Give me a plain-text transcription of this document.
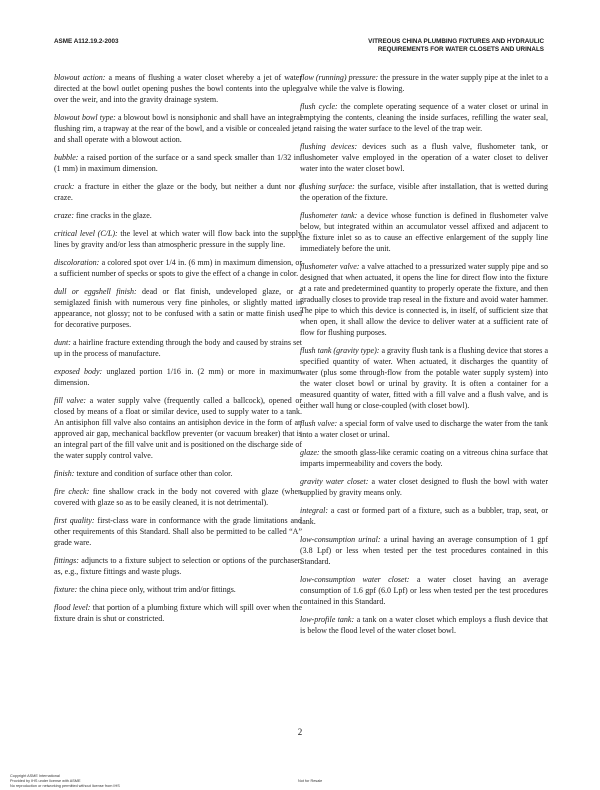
ASME A112.19.2-2003	VITREOUS CHINA PLUMBING FIXTURES AND HYDRAULIC
REQUIREMENTS FOR WATER CLOSETS AND URINALS

blowout action: a means of flushing a water closet whereby a jet of water directed at the bowl outlet opening pushes the bowl contents into the upleg, over the weir, and into the gravity drainage system.

blowout bowl type: a blowout bowl is nonsiphonic and shall have an integral flushing rim, a trapway at the rear of the bowl, and a visible or concealed jet, and shall operate with a blowout action.

bubble: a raised portion of the surface or a sand speck smaller than 1/32 in. (1 mm) in maximum dimension.

crack: a fracture in either the glaze or the body, but neither a dunt nor a craze.

craze: fine cracks in the glaze.

critical level (C/L): the level at which water will flow back into the supply lines by gravity and/or less than atmospheric pressure in the supply line.

discoloration: a colored spot over 1/4 in. (6 mm) in maximum dimension, or a sufficient number of specks or spots to give the effect of a change in color.

dull or eggshell finish: dead or flat finish, undeveloped glaze, or a semiglazed finish with numerous very fine pinholes, or slightly matted in appearance, not glossy; not to be confused with a satin or matte finish used for decorative purposes.

dunt: a hairline fracture extending through the body and caused by strains set up in the process of manufacture.

exposed body: unglazed portion 1/16 in. (2 mm) or more in maximum dimension.

fill valve: a water supply valve (frequently called a ballcock), opened or closed by means of a float or similar device, used to supply water to a tank. An antisiphon fill valve also contains an antisiphon device in the form of an approved air gap, mechanical backflow preventer (or vacuum breaker) that is an integral part of the fill valve unit and is positioned on the discharge side of the water supply control valve.

finish: texture and condition of surface other than color.

fire check: fine shallow crack in the body not covered with glaze (when covered with glaze so as to be easily cleaned, it is not detrimental).

first quality: first-class ware in conformance with the grade limitations and other requirements of this Standard. Shall also be permitted to be called “A” grade ware.

fittings: adjuncts to a fixture subject to selection or options of the purchaser, as, e.g., fixture fittings and waste plugs.

fixture: the china piece only, without trim and/or fittings.

flood level: that portion of a plumbing fixture which will spill over when the fixture drain is shut or constricted.

flow (running) pressure: the pressure in the water supply pipe at the inlet to a valve while the valve is flowing.

flush cycle: the complete operating sequence of a water closet or urinal in emptying the contents, cleaning the inside surfaces, refilling the water seal, and raising the water surface to the level of the trap weir.

flushing devices: devices such as a flush valve, flushometer tank, or flushometer valve employed in the operation of a water closet to deliver water into the water closet bowl.

flushing surface: the surface, visible after installation, that is wetted during the operation of the fixture.

flushometer tank: a device whose function is defined in flushometer valve below, but integrated within an accumulator vessel affixed and adjacent to the fixture inlet so as to cause an effective enlargement of the supply line immediately before the unit.

flushometer valve: a valve attached to a pressurized water supply pipe and so designed that when actuated, it opens the line for direct flow into the fixture at a rate and predetermined quantity to properly operate the fixture, and then gradually closes to provide trap reseal in the fixture and avoid water hammer. The pipe to which this device is connected is, in itself, of sufficient size that when open, it shall allow the device to deliver water at a sufficient rate of flow for flushing purposes.

flush tank (gravity type): a gravity flush tank is a flushing device that stores a specified quantity of water. When actuated, it discharges the quantity of water (plus some through-flow from the potable water supply system) into the water closet bowl or urinal by gravity. It is often a container for a measured quantity of water, fitted with a fill valve and a flush valve, and is either wall hung or close-coupled (with closet bowl).

flush valve: a special form of valve used to discharge the water from the tank into a water closet or urinal.

glaze: the smooth glass-like ceramic coating on a vitreous china surface that imparts impermeability and covers the body.

gravity water closet: a water closet designed to flush the bowl with water supplied by gravity means only.

integral: a cast or formed part of a fixture, such as a bubbler, trap, seat, or tank.

low-consumption urinal: a urinal having an average consumption of 1 gpf (3.8 Lpf) or less when tested per the test procedures contained in this Standard.

low-consumption water closet: a water closet having an average consumption of 1.6 gpf (6.0 Lpf) or less when tested per the test procedures contained in this Standard.

low-profile tank: a tank on a water closet which employs a flush device that is below the flood level of the water closet bowl.

2
Copyright ASME International
Provided by IHS under license with ASME
No reproduction or networking permitted without license from IHS
Not for Resale
